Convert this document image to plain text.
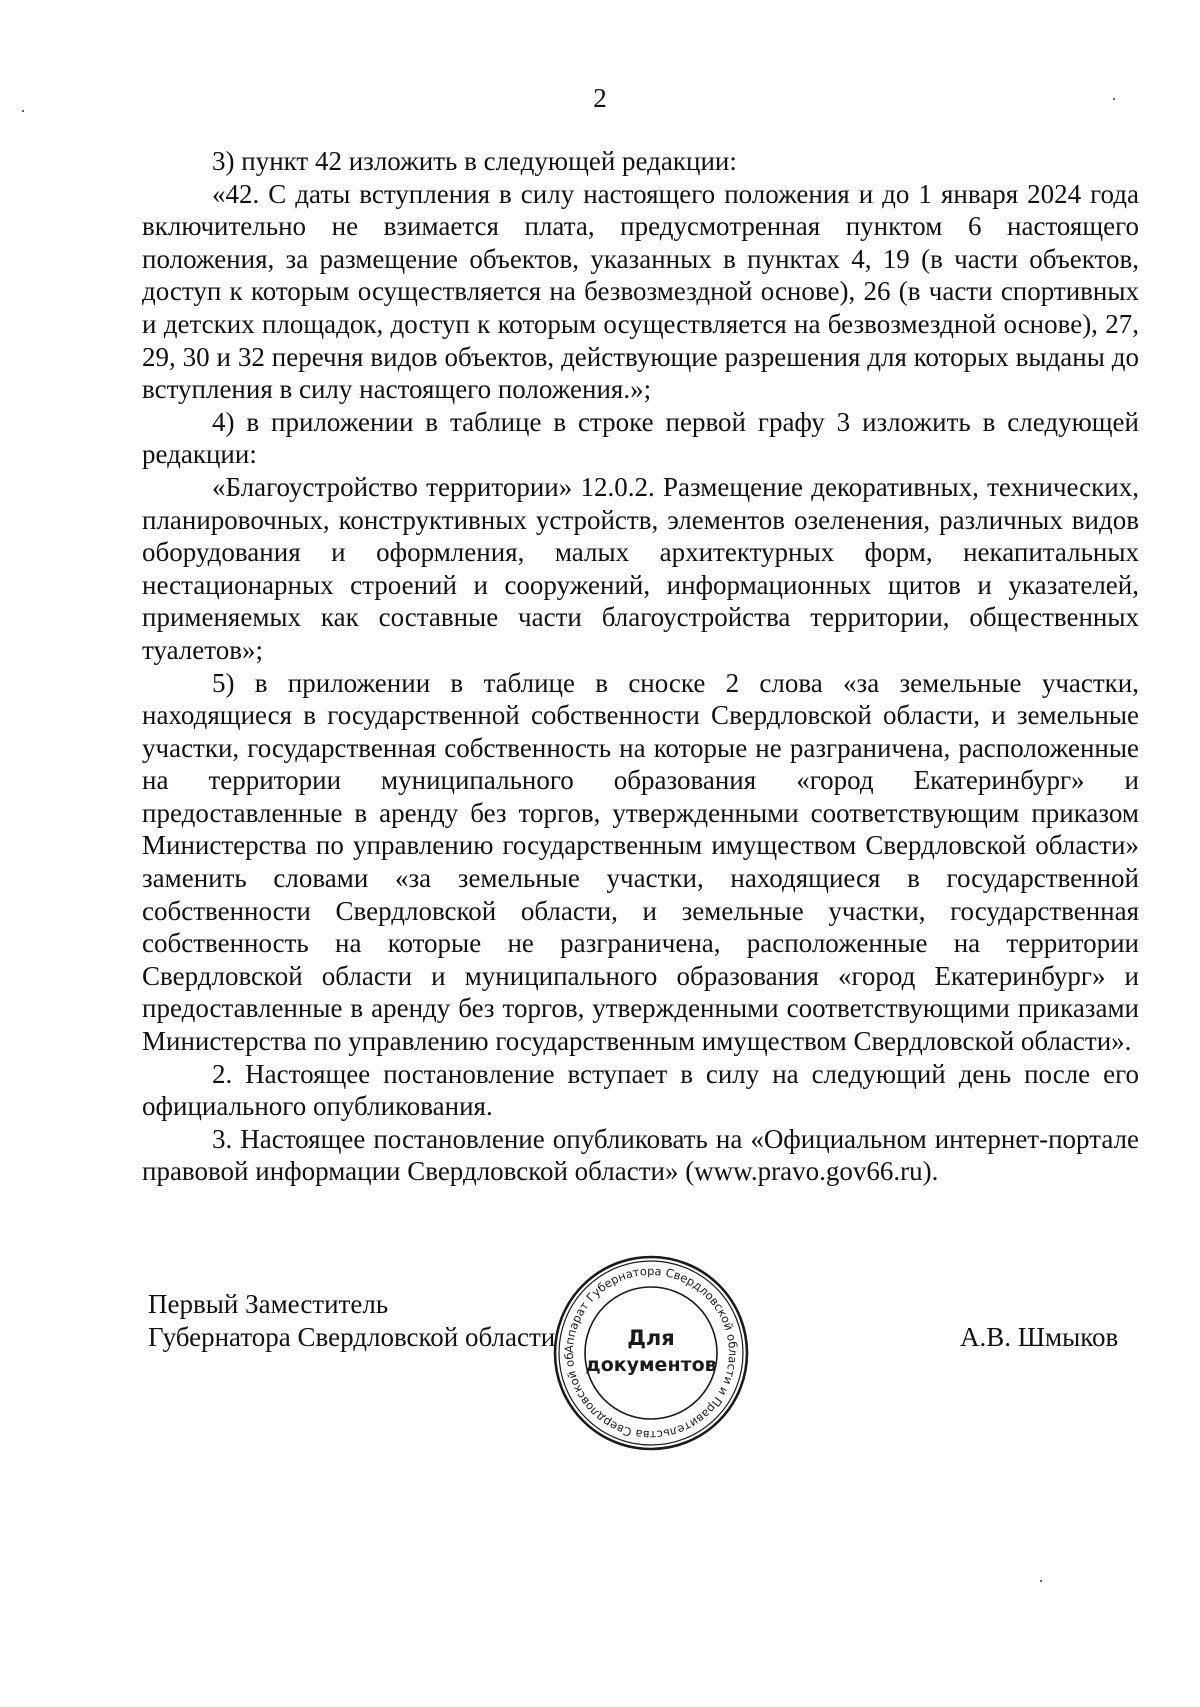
2

3) пункт 42 изложить в следующей редакции:

«42. С даты вступления в силу настоящего положения и до 1 января 2024 года включительно не взимается плата, предусмотренная пунктом 6 настоящего положения, за размещение объектов, указанных в пунктах 4, 19 (в части объектов, доступ к которым осуществляется на безвозмездной основе), 26 (в части спортивных и детских площадок, доступ к которым осуществляется на безвозмездной основе), 27, 29, 30 и 32 перечня видов объектов, действующие разрешения для которых выданы до вступления в силу настоящего положения.»;

4) в приложении в таблице в строке первой графу 3 изложить в следующей редакции:

«Благоустройство территории» 12.0.2. Размещение декоративных, технических, планировочных, конструктивных устройств, элементов озеленения, различных видов оборудования и оформления, малых архитектурных форм, некапитальных нестационарных строений и сооружений, информационных щитов и указателей, применяемых как составные части благоустройства территории, общественных туалетов»;

5) в приложении в таблице в сноске 2 слова «за земельные участки, находящиеся в государственной собственности Свердловской области, и земельные участки, государственная собственность на которые не разграничена, расположенные на территории муниципального образования «город Екатеринбург» и предоставленные в аренду без торгов, утвержденными соответствующим приказом Министерства по управлению государственным имуществом Свердловской области» заменить словами «за земельные участки, находящиеся в государственной собственности Свердловской области, и земельные участки, государственная собственность на которые не разграничена, расположенные на территории Свердловской области и муниципального образования «город Екатеринбург» и предоставленные в аренду без торгов, утвержденными соответствующими приказами Министерства по управлению государственным имуществом Свердловской области».

2. Настоящее постановление вступает в силу на следующий день после его официального опубликования.

3. Настоящее постановление опубликовать на «Официальном интернет-портале правовой информации Свердловской области» (www.pravo.gov66.ru).

Первый Заместитель
Губернатора Свердловской области	А.В. Шмыков
Аппарат Губернатора Свердловской области и Правительства Свердловской об
Для
документов
